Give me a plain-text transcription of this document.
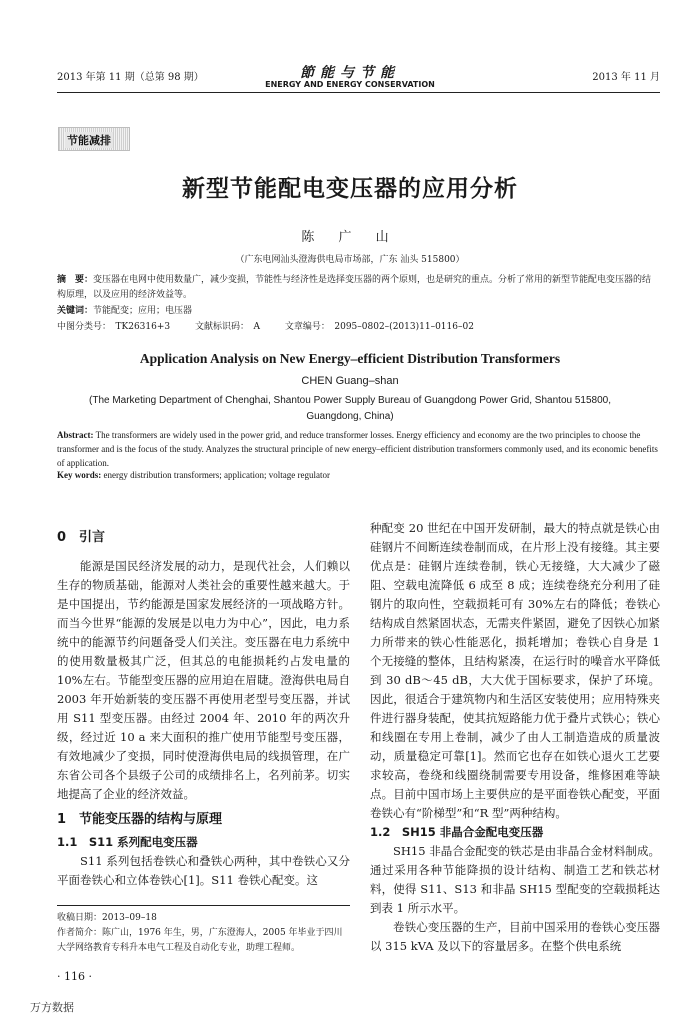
2013 年第 11 期（总第 98 期）	節能与节能
ENERGY AND ENERGY CONSERVATION
2013 年 11 月
节能减排
新型节能配电变压器的应用分析
陈 广 山
（广东电网汕头澄海供电局市场部，广东 汕头 515800）
摘　要：变压器在电网中使用数量广，减少变损，节能性与经济性是选择变压器的两个原则，也是研究的重点。分析了常用的新型节能配电变压器的结构原理，以及应用的经济效益等。
关键词：节能配变；应用；电压器
中图分类号：　TK26316+3	文献标识码：　A	文章编号：　2095–0802–(2013)11–0116–02
Application Analysis on New Energy–efficient Distribution Transformers
CHEN Guang–shan
(The Marketing Department of Chenghai, Shantou Power Supply Bureau of Guangdong Power Grid, Shantou 515800, Guangdong, China)
Abstract: The transformers are widely used in the power grid, and reduce transformer losses. Energy efficiency and economy are the two principles to choose the transformer and is the focus of the study. Analyzes the structural principle of new energy–efficient distribution transformers commonly used, and its economic benefits of application.
Key words: energy distribution transformers; application; voltage regulator
0　引言

能源是国民经济发展的动力，是现代社会，人们赖以生存的物质基础，能源对人类社会的重要性越来越大。于是中国提出，节约能源是国家发展经济的一项战略方针。而当今世界“能源的发展是以电力为中心”，因此，电力系统中的能源节约问题备受人们关注。变压器在电力系统中的使用数量极其广泛，但其总的电能损耗约占发电量的 10%左右。节能型变压器的应用迫在眉睫。澄海供电局自 2003 年开始新装的变压器不再使用老型号变压器，并试用 S11 型变压器。由经过 2004 年、2010 年的两次升级，经过近 10 a 来大面积的推广使用节能型号变压器，有效地减少了变损，同时使澄海供电局的线损管理，在广东省公司各个县级子公司的成绩排名上，名列前茅。切实地提高了企业的经济效益。

1　节能变压器的结构与原理
1.1　S11 系列配电变压器

S11 系列包括卷铁心和叠铁心两种，其中卷铁心又分平面卷铁心和立体卷铁心[1]。S11 卷铁心配变。这

种配变 20 世纪在中国开发研制，最大的特点就是铁心由硅钢片不间断连续卷制而成，在片形上没有接缝。其主要优点是：硅钢片连续卷制，铁心无接缝，大大减少了磁阻、空载电流降低 6 成至 8 成；连续卷绕充分利用了硅钢片的取向性，空载损耗可有 30%左右的降低；卷铁心结构成自然紧固状态，无需夹件紧固，避免了因铁心加紧力所带来的铁心性能恶化，损耗增加；卷铁心自身是 1 个无接缝的整体，且结构紧凑，在运行时的噪音水平降低到 30 dB～45 dB，大大优于国标要求，保护了环境。因此，很适合于建筑物内和生活区安装使用；应用特殊夹件进行器身装配，使其抗短路能力优于叠片式铁心；铁心和线圈在专用上卷制，减少了由人工制造造成的质量波动，质量稳定可靠[1]。然而它也存在如铁心退火工艺要求较高，卷绕和线圈绕制需要专用设备，维修困难等缺点。目前中国市场上主要供应的是平面卷铁心配变，平面卷铁心有“阶梯型”和“R 型”两种结构。

1.2　SH15 非晶合金配电变压器

SH15 非晶合金配变的铁芯是由非晶合金材料制成。通过采用各种节能降损的设计结构、制造工艺和铁芯材料，使得 S11、S13 和非晶 SH15 型配变的空载损耗达到表 1 所示水平。

卷铁心变压器的生产，目前中国采用的卷铁心变压器以 315 kVA 及以下的容量居多。在整个供电系统

收稿日期：2013–09–18
作者简介：陈广山，1976 年生，男，广东澄海人，2005 年毕业于四川大学网络教育专科升本电气工程及自动化专业，助理工程师。
· 116 ·
万方数据
